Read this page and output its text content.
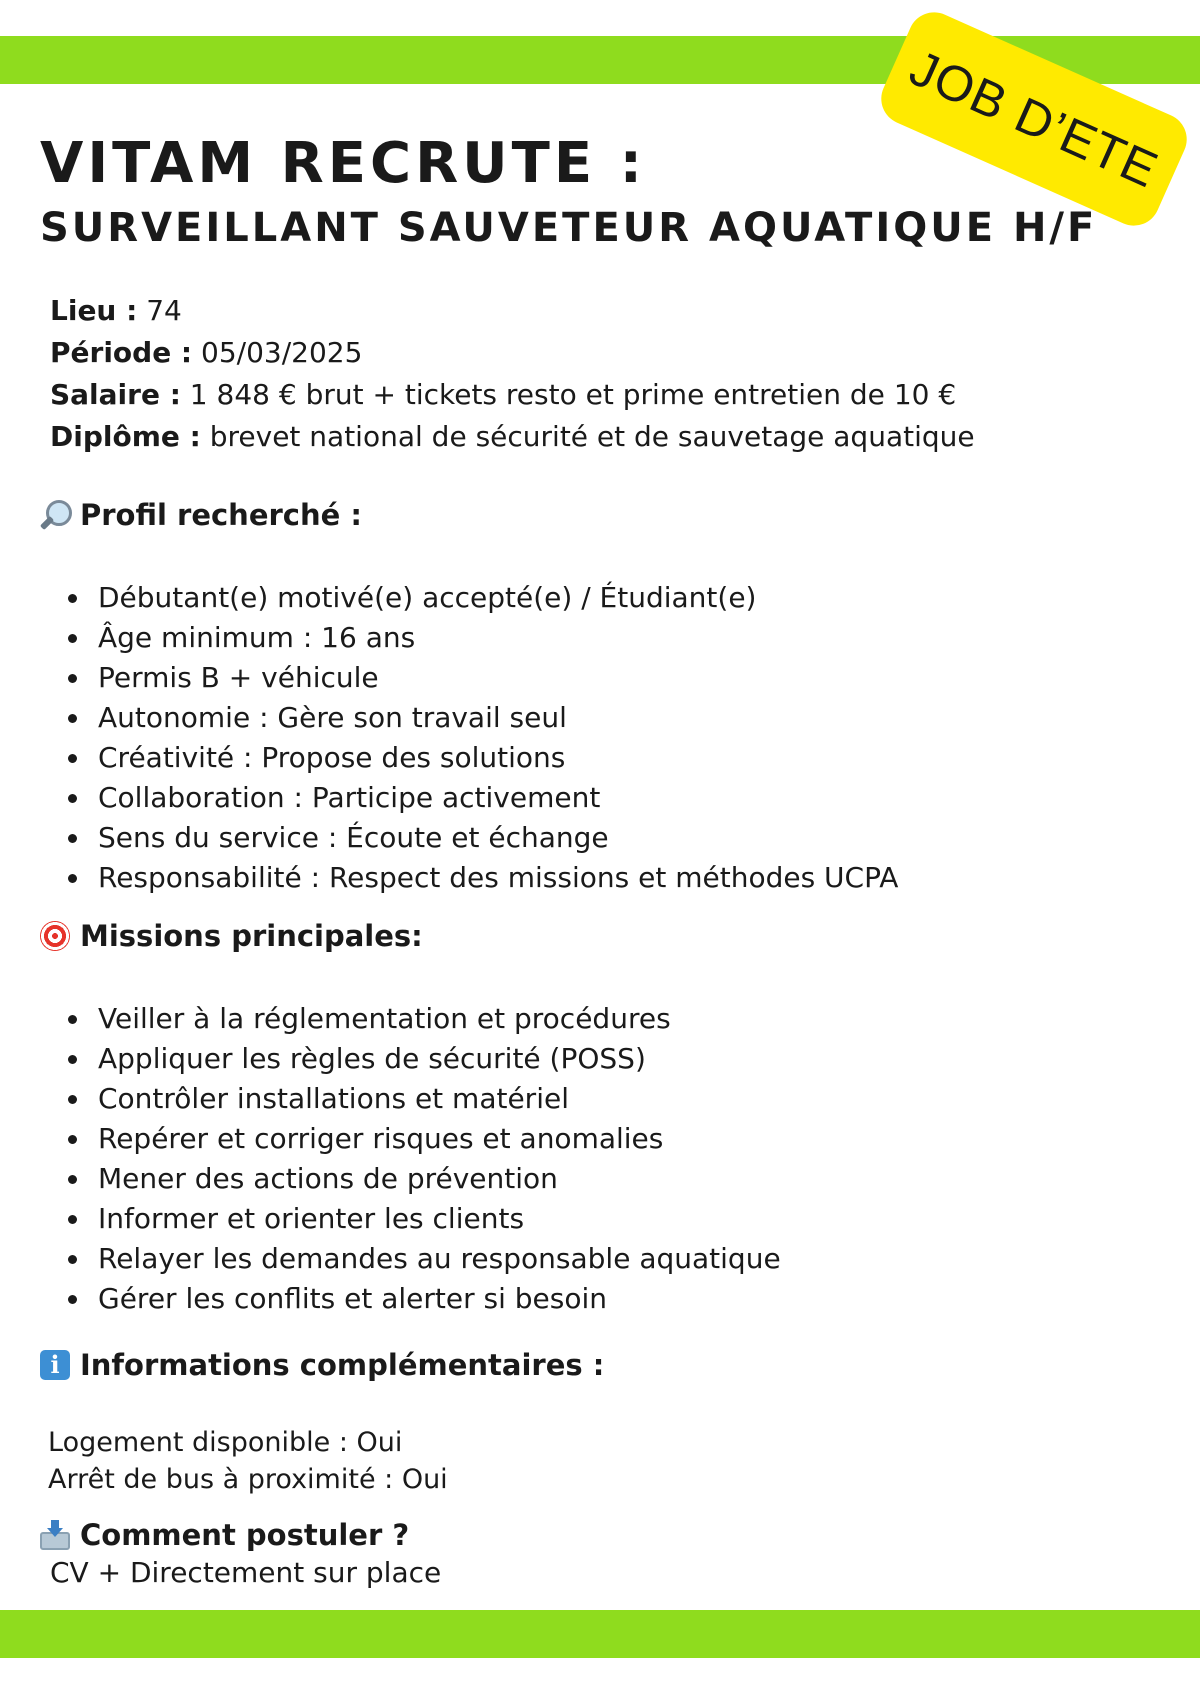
JOB D’ETE
VITAM RECRUTE :
SURVEILLANT SAUVETEUR AQUATIQUE H/F
Lieu : 74
Période : 05/03/2025
Salaire : 1 848 € brut + tickets resto et prime entretien de 10 €
Diplôme : brevet national de sécurité et de sauvetage aquatique
Profil recherché :
Débutant(e) motivé(e) accepté(e) / Étudiant(e)
Âge minimum : 16 ans
Permis B + véhicule
Autonomie : Gère son travail seul
Créativité : Propose des solutions
Collaboration : Participe activement
Sens du service : Écoute et échange
Responsabilité : Respect des missions et méthodes UCPA
Missions principales:
Veiller à la réglementation et procédures
Appliquer les règles de sécurité (POSS)
Contrôler installations et matériel
Repérer et corriger risques et anomalies
Mener des actions de prévention
Informer et orienter les clients
Relayer les demandes au responsable aquatique
Gérer les conflits et alerter si besoin
i Informations complémentaires :
Logement disponible : Oui
Arrêt de bus à proximité : Oui
Comment postuler ?
CV + Directement sur place
